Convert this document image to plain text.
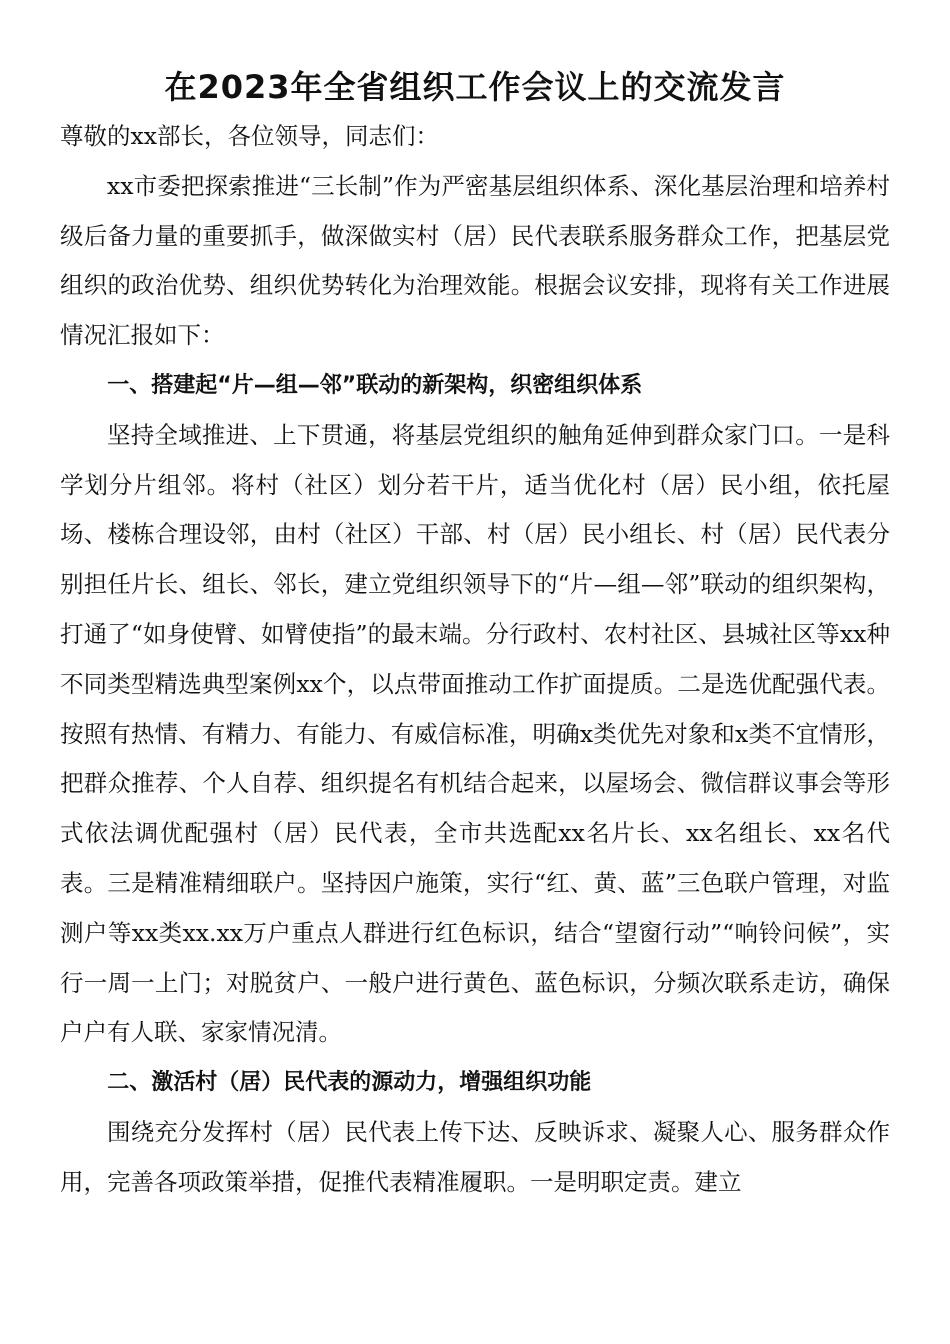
在2023年全省组织工作会议上的交流发言

尊敬的xx部长，各位领导，同志们：

xx市委把探索推进“三长制”作为严密基层组织体系、深化基层治理和培养村级后备力量的重要抓手，做深做实村（居）民代表联系服务群众工作，把基层党组织的政治优势、组织优势转化为治理效能。根据会议安排，现将有关工作进展情况汇报如下：

一、搭建起“片—组—邻”联动的新架构，织密组织体系

坚持全域推进、上下贯通，将基层党组织的触角延伸到群众家门口。一是科学划分片组邻。将村（社区）划分若干片，适当优化村（居）民小组，依托屋场、楼栋合理设邻，由村（社区）干部、村（居）民小组长、村（居）民代表分别担任片长、组长、邻长，建立党组织领导下的“片—组—邻”联动的组织架构，打通了“如身使臂、如臂使指”的最末端。分行政村、农村社区、县城社区等xx种不同类型精选典型案例xx个，以点带面推动工作扩面提质。二是选优配强代表。按照有热情、有精力、有能力、有威信标准，明确x类优先对象和x类不宜情形，把群众推荐、个人自荐、组织提名有机结合起来，以屋场会、微信群议事会等形式依法调优配强村（居）民代表，全市共选配xx名片长、xx名组长、xx名代表。三是精准精细联户。坚持因户施策，实行“红、黄、蓝”三色联户管理，对监测户等xx类xx.xx万户重点人群进行红色标识，结合“望窗行动”“响铃问候”，实行一周一上门；对脱贫户、一般户进行黄色、蓝色标识，分频次联系走访，确保户户有人联、家家情况清。

二、激活村（居）民代表的源动力，增强组织功能

围绕充分发挥村（居）民代表上传下达、反映诉求、凝聚人心、服务群众作用，完善各项政策举措，促推代表精准履职。一是明职定责。建立
